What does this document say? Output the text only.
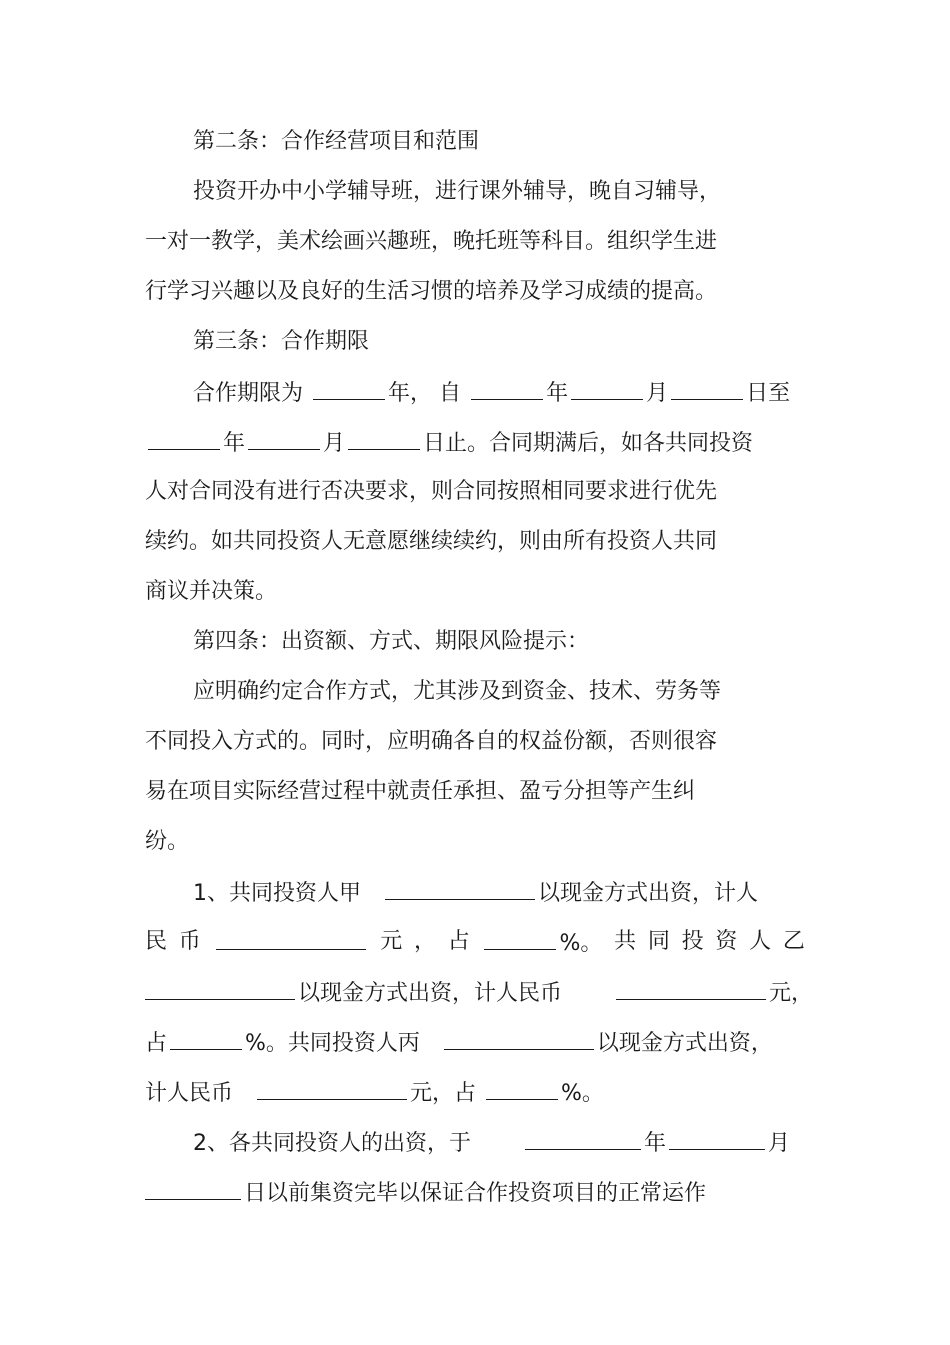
第二条：合作经营项目和范围
投资开办中小学辅导班，进行课外辅导，晚自习辅导，
一对一教学，美术绘画兴趣班，晚托班等科目。组织学生进
行学习兴趣以及良好的生活习惯的培养及学习成绩的提高。
第三条：合作期限
合作期限为	年， 自	年	月	日至
年	月	日止。合同期满后，如各共同投资
人对合同没有进行否决要求，则合同按照相同要求进行优先
续约。如共同投资人无意愿继续续约，则由所有投资人共同
商议并决策。
第四条：出资额、方式、期限风险提示：
应明确约定合作方式，尤其涉及到资金、技术、劳务等
不同投入方式的。同时，应明确各自的权益份额，否则很容
易在项目实际经营过程中就责任承担、盈亏分担等产生纠
纷。
1、共同投资人甲	以现金方式出资，计人
民 币	元 ， 占	%。 共 同 投 资 人 乙
以现金方式出资，计人民币	元，
占	%。共同投资人丙	以现金方式出资，
计人民币	元，占	%。
2、各共同投资人的出资，于	年	月
日以前集资完毕以保证合作投资项目的正常运作
